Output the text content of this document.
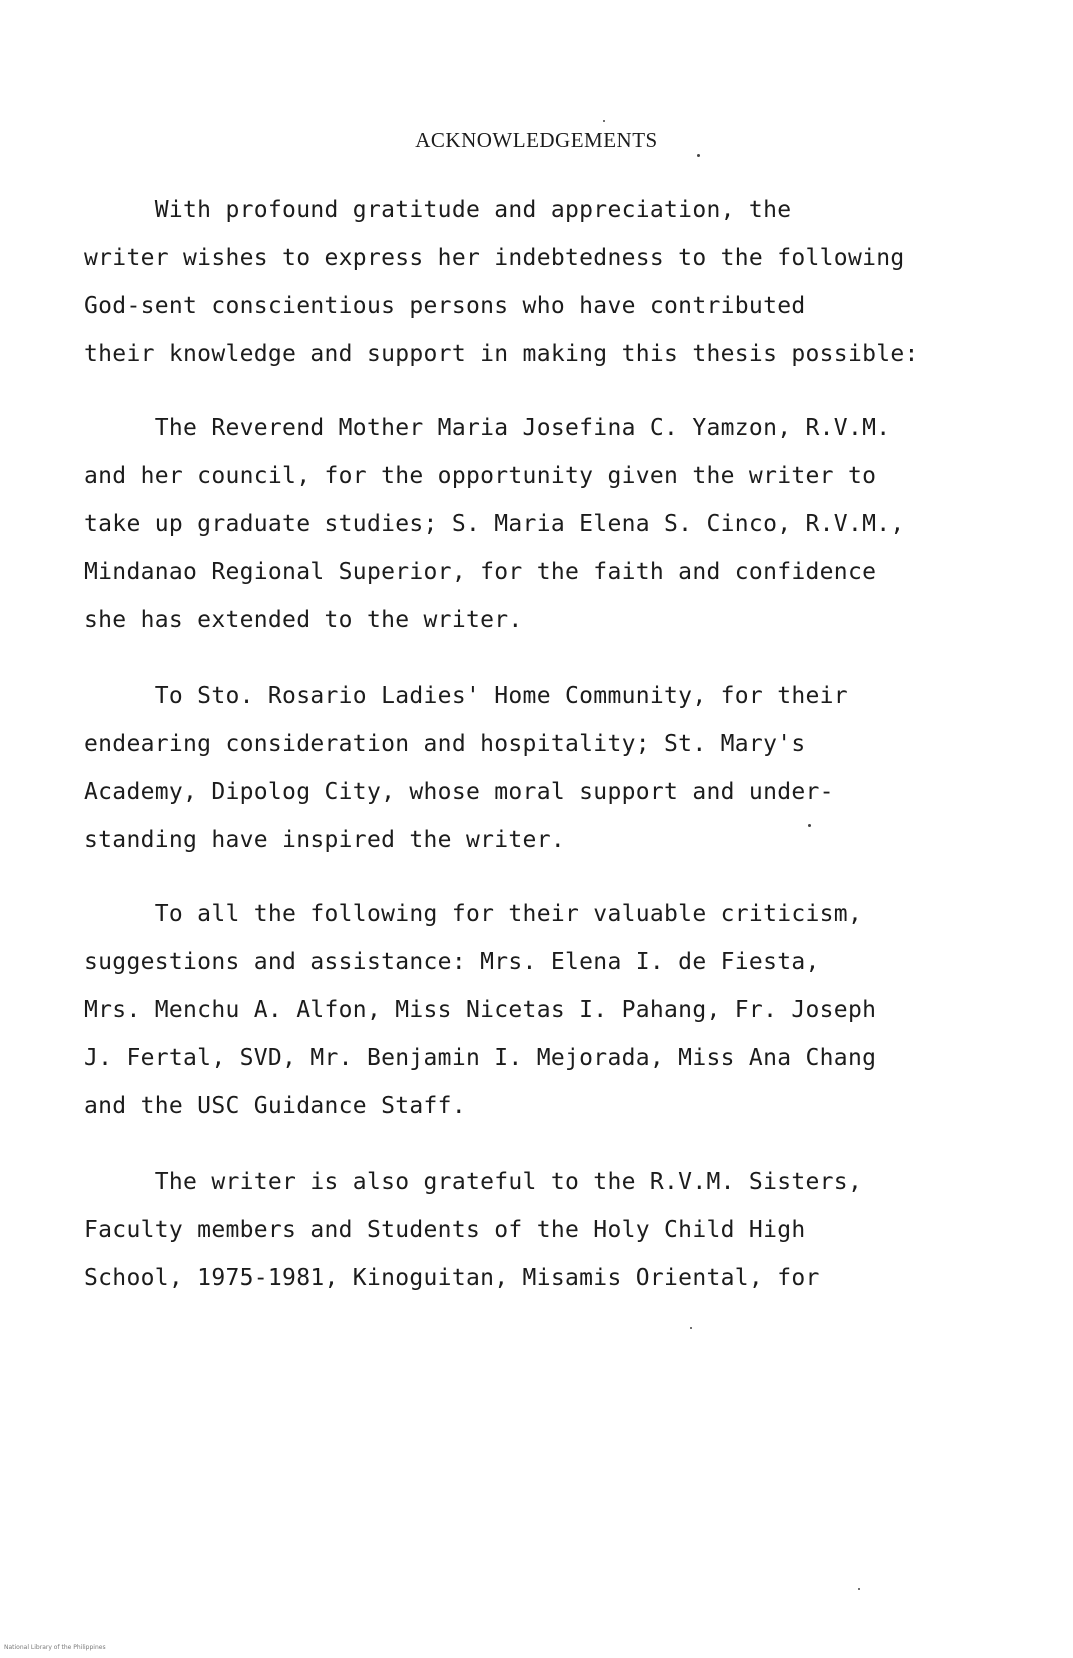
ACKNOWLEDGEMENTS
With profound gratitude and appreciation, the
writer wishes to express her indebtedness to the following
God-sent conscientious persons who have contributed
their knowledge and support in making this thesis possible:
The Reverend Mother Maria Josefina C. Yamzon, R.V.M.
and her council, for the opportunity given the writer to
take up graduate studies; S. Maria Elena S. Cinco, R.V.M.,
Mindanao Regional Superior, for the faith and confidence
she has extended to the writer.
To Sto. Rosario Ladies' Home Community, for their
endearing consideration and hospitality; St. Mary's
Academy, Dipolog City, whose moral support and under-
standing have inspired the writer.
To all the following for their valuable criticism,
suggestions and assistance: Mrs. Elena I. de Fiesta,
Mrs. Menchu A. Alfon, Miss Nicetas I. Pahang, Fr. Joseph
J. Fertal, SVD, Mr. Benjamin I. Mejorada, Miss Ana Chang
and the USC Guidance Staff.
The writer is also grateful to the R.V.M. Sisters,
Faculty members and Students of the Holy Child High
School, 1975-1981, Kinoguitan, Misamis Oriental, for
National Library of the Philippines
